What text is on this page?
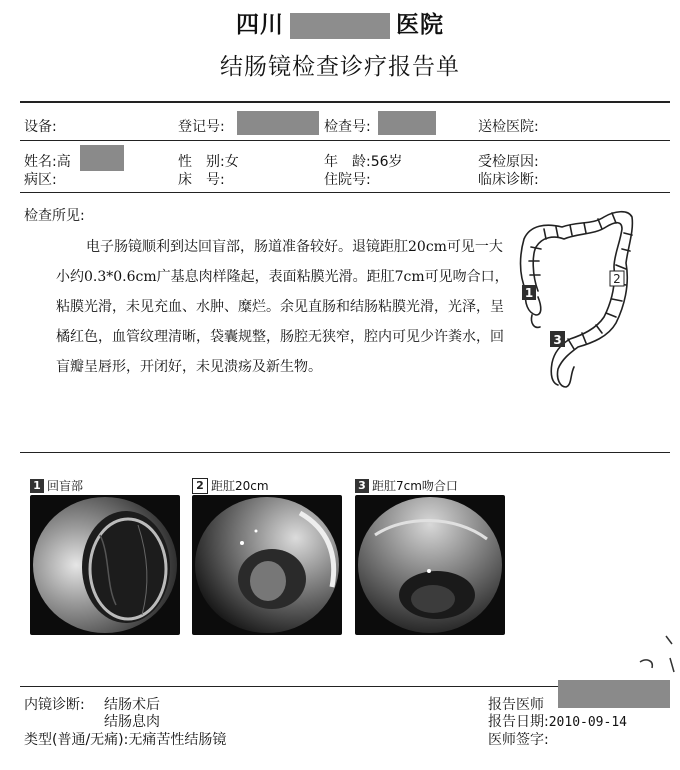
四川	医院
结肠镜检查诊疗报告单
设备:	登记号:	检查号:	送检医院:
姓名:高	性　别:女	年　龄:56岁	受检原因:
病区:	床　号:	住院号:	临床诊断:
检查所见:

电子肠镜顺利到达回盲部，肠道准备较好。退镜距肛20cm可见一大小约0.3*0.6cm广基息肉样隆起，表面粘膜光滑。距肛7cm可见吻合口，粘膜光滑，未见充血、水肿、糜烂。余见直肠和结肠粘膜光滑，光泽，呈橘红色，血管纹理清晰，袋囊规整，肠腔无狭窄，腔内可见少许粪水，回盲瓣呈唇形，开闭好，未见溃疡及新生物。

1
2
3
1 回盲部	2 距肛20cm	3 距肛7cm吻合口
内镜诊断: 结肠术后
结肠息肉
类型(普通/无痛):无痛苦性结肠镜
报告医师
报告日期:2010-09-14
医师签字:
